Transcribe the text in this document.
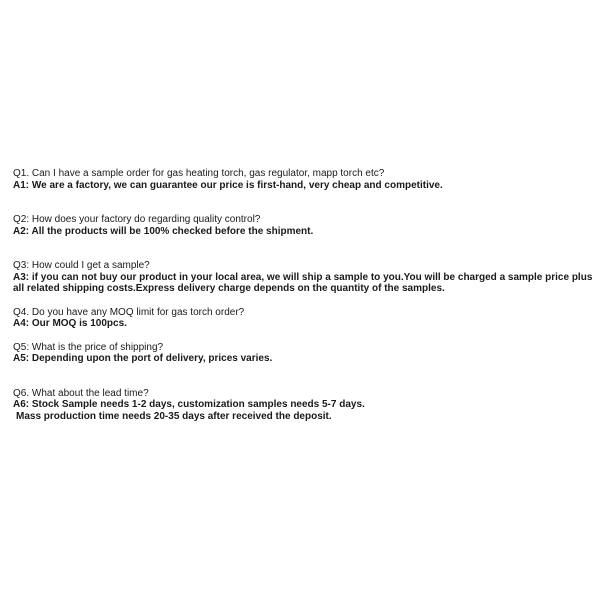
Q1. Can I have a sample order for gas heating torch, gas regulator, mapp torch etc?
A1: We are a factory, we can guarantee our price is first-hand, very cheap and competitive.
Q2: How does your factory do regarding quality control?
A2: All the products will be 100% checked before the shipment.
Q3: How could I get a sample?
A3: if you can not buy our product in your local area, we will ship a sample to you.You will be charged a sample price plus
all related shipping costs.Express delivery charge depends on the quantity of the samples.
Q4. Do you have any MOQ limit for gas torch order?
A4: Our MOQ is 100pcs.
Q5: What is the price of shipping?
A5: Depending upon the port of delivery, prices varies.
Q6. What about the lead time?
A6: Stock Sample needs 1-2 days, customization samples needs 5-7 days.
Mass production time needs 20-35 days after received the deposit.
